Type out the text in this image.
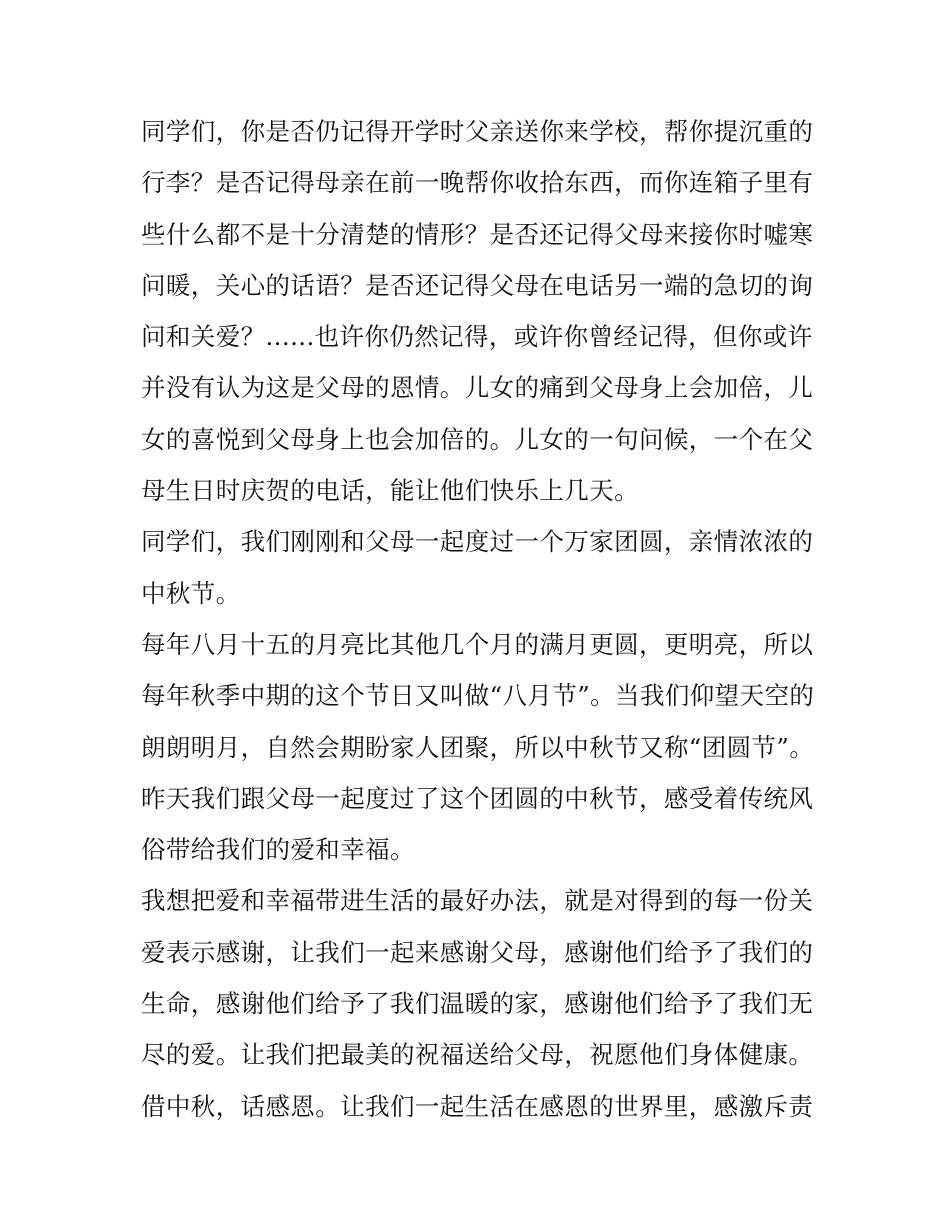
同学们，你是否仍记得开学时父亲送你来学校，帮你提沉重的
行李？是否记得母亲在前一晚帮你收拾东西，而你连箱子里有
些什么都不是十分清楚的情形？是否还记得父母来接你时嘘寒
问暖，关心的话语？是否还记得父母在电话另一端的急切的询
问和关爱？......也许你仍然记得，或许你曾经记得，但你或许
并没有认为这是父母的恩情。儿女的痛到父母身上会加倍，儿
女的喜悦到父母身上也会加倍的。儿女的一句问候，一个在父
母生日时庆贺的电话，能让他们快乐上几天。
同学们，我们刚刚和父母一起度过一个万家团圆，亲情浓浓的
中秋节。
每年八月十五的月亮比其他几个月的满月更圆，更明亮，所以
每年秋季中期的这个节日又叫做“八月节”。当我们仰望天空的
朗朗明月，自然会期盼家人团聚，所以中秋节又称“团圆节”。
昨天我们跟父母一起度过了这个团圆的中秋节，感受着传统风
俗带给我们的爱和幸福。
我想把爱和幸福带进生活的最好办法，就是对得到的每一份关
爱表示感谢，让我们一起来感谢父母，感谢他们给予了我们的
生命，感谢他们给予了我们温暖的家，感谢他们给予了我们无
尽的爱。让我们把最美的祝福送给父母，祝愿他们身体健康。
借中秋，话感恩。让我们一起生活在感恩的世界里，感激斥责
